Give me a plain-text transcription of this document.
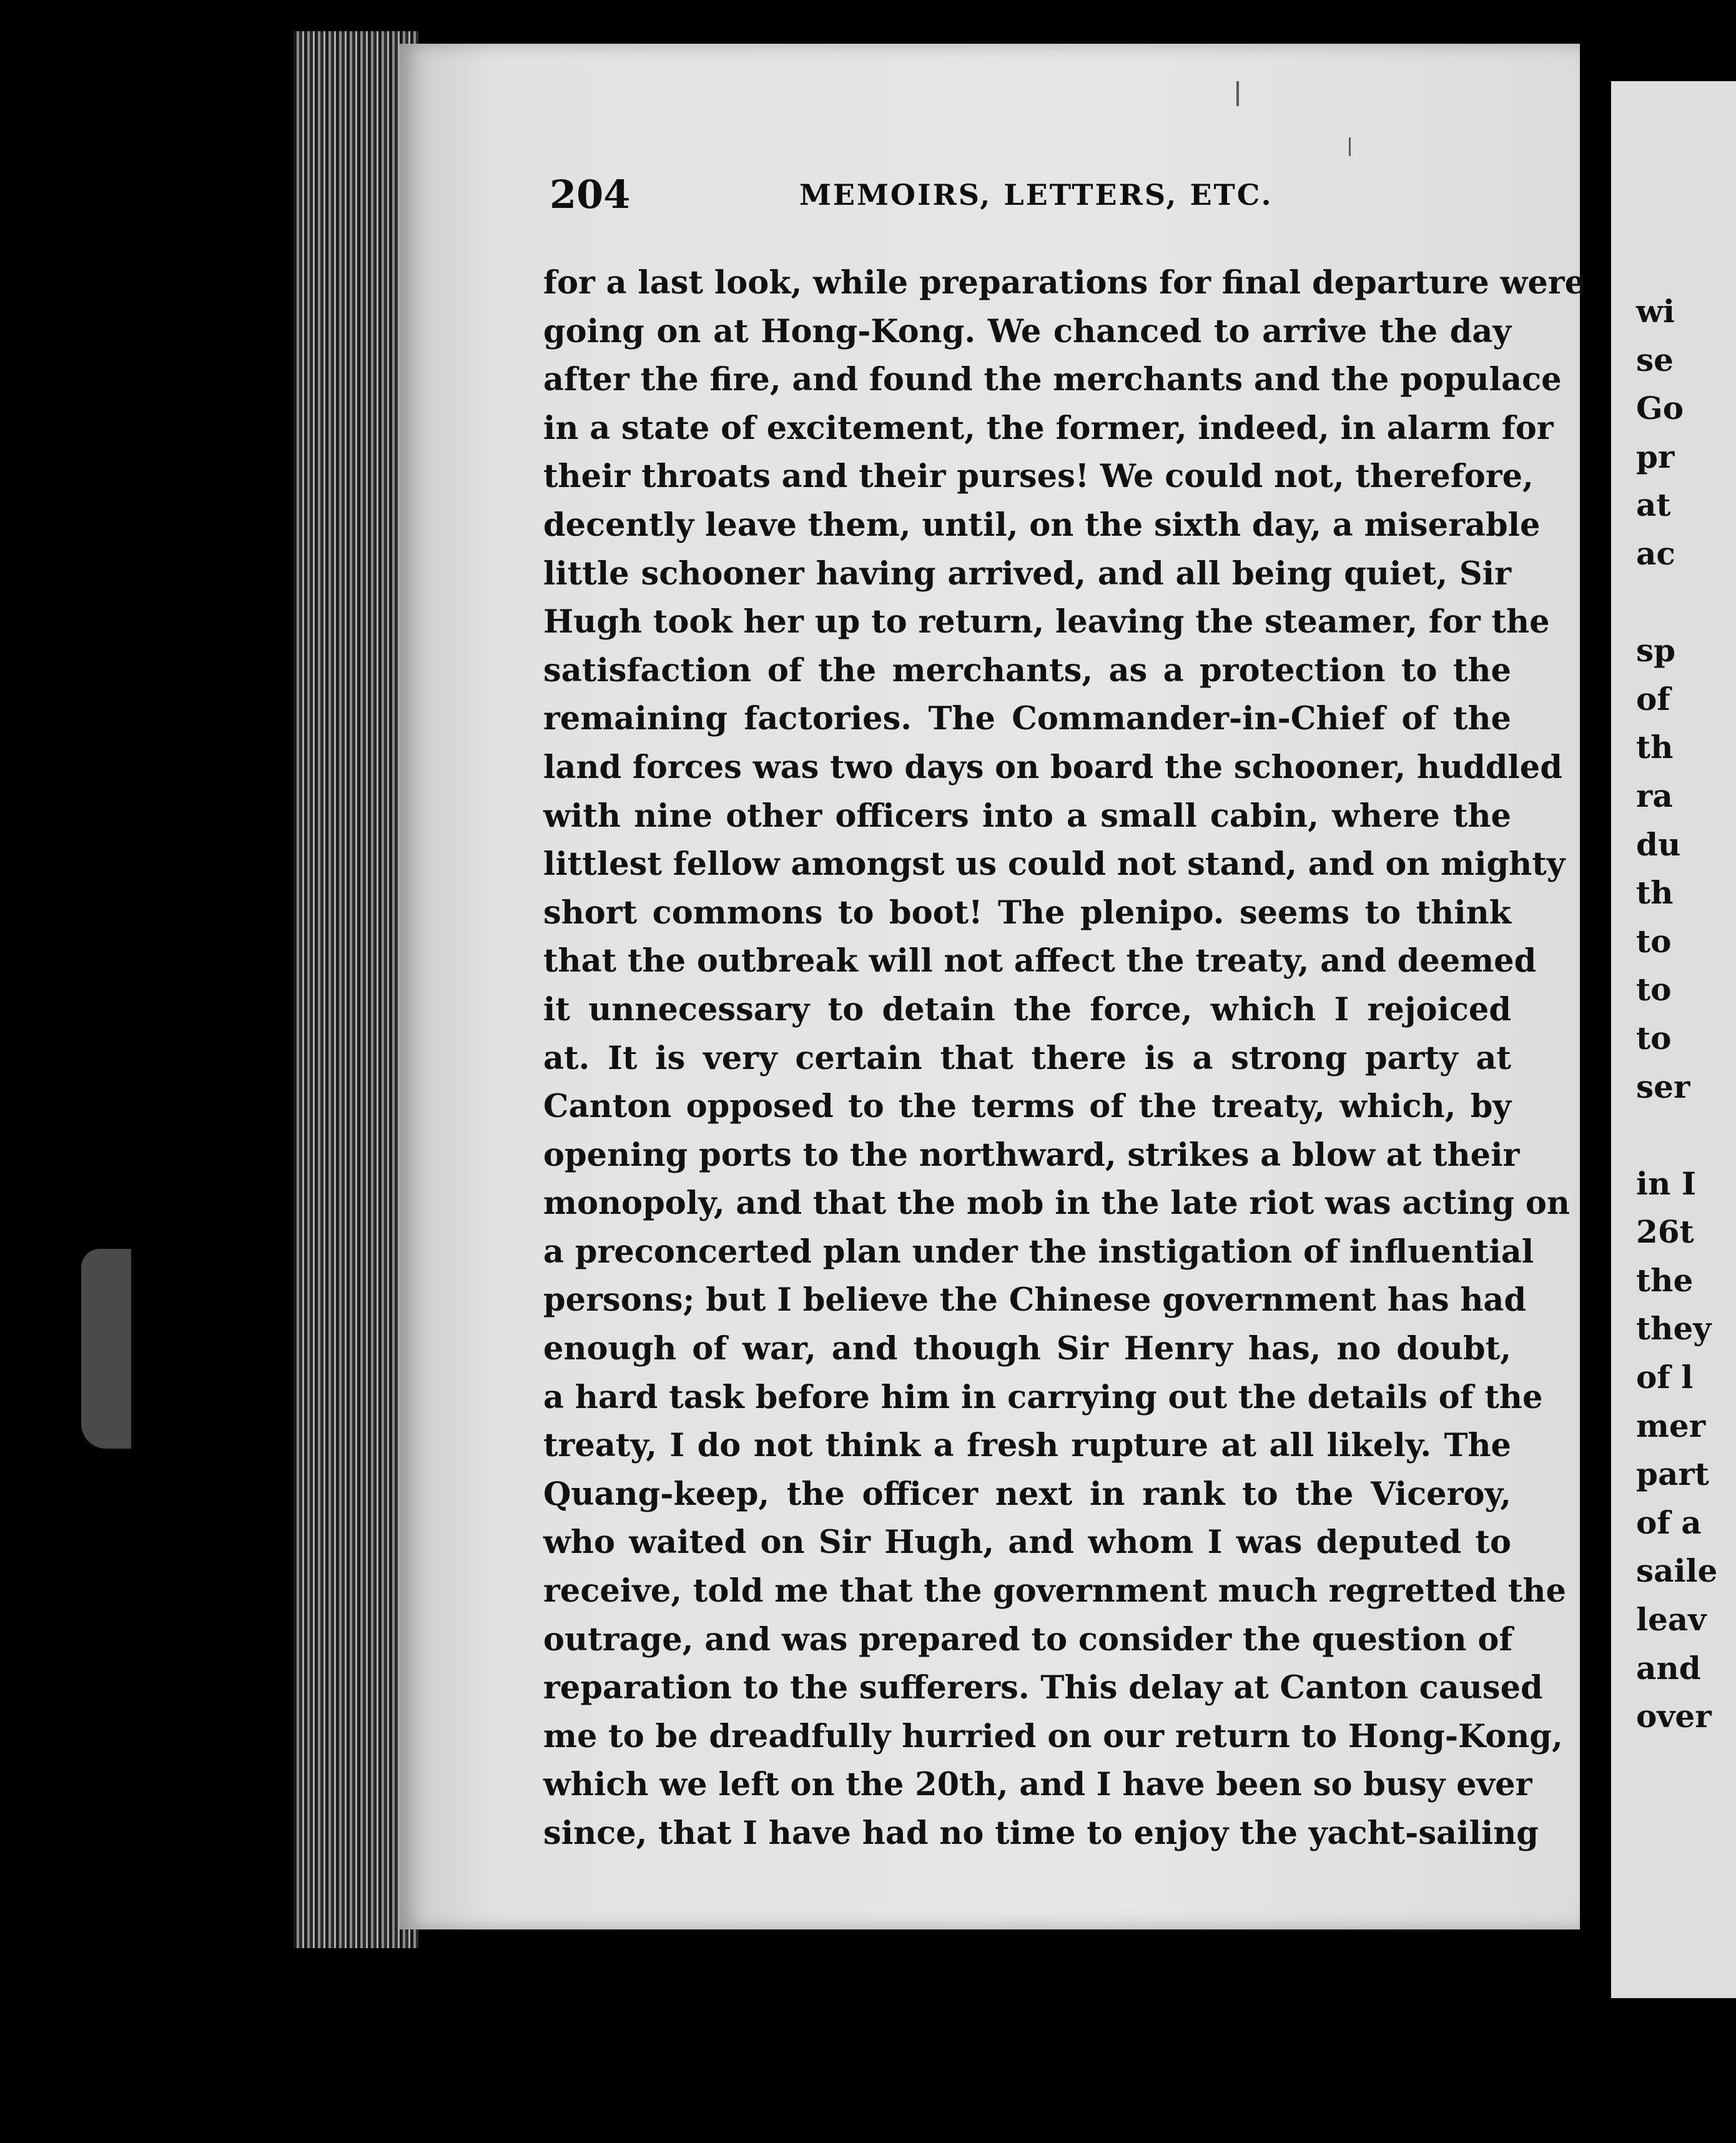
204	MEMOIRS, LETTERS, ETC.
for a last look, while preparations for final departure were
going on at Hong-Kong. We chanced to arrive the day
after the fire, and found the merchants and the populace
in a state of excitement, the former, indeed, in alarm for
their throats and their purses! We could not, therefore,
decently leave them, until, on the sixth day, a miserable
little schooner having arrived, and all being quiet, Sir
Hugh took her up to return, leaving the steamer, for the
satisfaction of the merchants, as a protection to the
remaining factories. The Commander-in-Chief of the
land forces was two days on board the schooner, huddled
with nine other officers into a small cabin, where the
littlest fellow amongst us could not stand, and on mighty
short commons to boot! The plenipo. seems to think
that the outbreak will not affect the treaty, and deemed
it unnecessary to detain the force, which I rejoiced
at. It is very certain that there is a strong party at
Canton opposed to the terms of the treaty, which, by
opening ports to the northward, strikes a blow at their
monopoly, and that the mob in the late riot was acting on
a preconcerted plan under the instigation of influential
persons; but I believe the Chinese government has had
enough of war, and though Sir Henry has, no doubt,
a hard task before him in carrying out the details of the
treaty, I do not think a fresh rupture at all likely. The
Quang-keep, the officer next in rank to the Viceroy,
who waited on Sir Hugh, and whom I was deputed to
receive, told me that the government much regretted the
outrage, and was prepared to consider the question of
reparation to the sufferers. This delay at Canton caused
me to be dreadfully hurried on our return to Hong-Kong,
which we left on the 20th, and I have been so busy ever
since, that I have had no time to enjoy the yacht-sailing
wi
se
Go
pr
at
ac
sp
of
th
ra
du
th
to
to
to
ser
in I
26t
the
they
of l
mer
part
of a
saile
leav
and
over
